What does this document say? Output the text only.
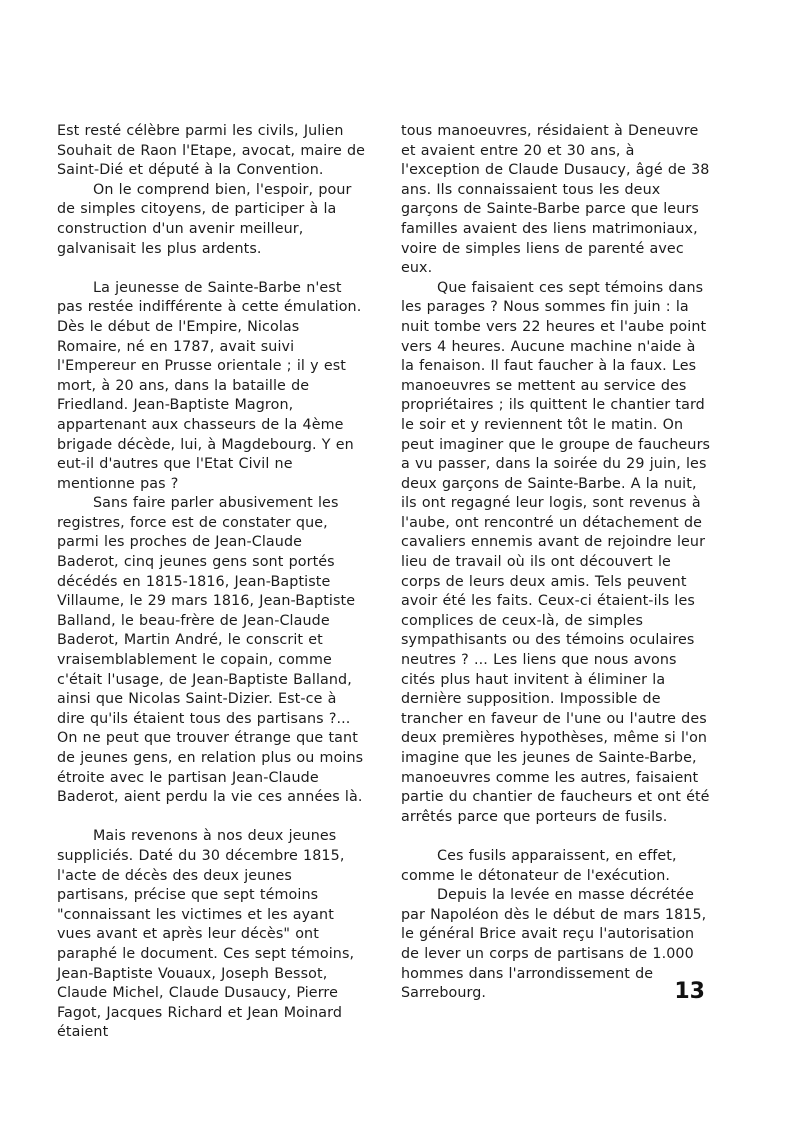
Est resté célèbre parmi les civils, Julien Souhait de Raon l'Etape, avocat, maire de Saint-Dié et député à la Convention.

On le comprend bien, l'espoir, pour de simples citoyens, de participer à la construction d'un avenir meilleur, galvanisait les plus ardents.

La jeunesse de Sainte-Barbe n'est pas restée indifférente à cette émulation. Dès le début de l'Empire, Nicolas Romaire, né en 1787, avait suivi l'Empereur en Prusse orientale ; il y est mort, à 20 ans, dans la bataille de Friedland. Jean-Baptiste Magron, appartenant aux chasseurs de la 4ème brigade décède, lui, à Magdebourg. Y en eut-il d'autres que l'Etat Civil ne mentionne pas ?

Sans faire parler abusivement les registres, force est de constater que, parmi les proches de Jean-Claude Baderot, cinq jeunes gens sont portés décédés en 1815-1816, Jean-Baptiste Villaume, le 29 mars 1816, Jean-Baptiste Balland, le beau-frère de Jean-Claude Baderot, Martin André, le conscrit et vraisemblablement le copain, comme c'était l'usage, de Jean-Baptiste Balland, ainsi que Nicolas Saint-Dizier. Est-ce à dire qu'ils étaient tous des partisans ?... On ne peut que trouver étrange que tant de jeunes gens, en relation plus ou moins étroite avec le partisan Jean-Claude Baderot, aient perdu la vie ces années là.

Mais revenons à nos deux jeunes suppliciés. Daté du 30 décembre 1815, l'acte de décès des deux jeunes partisans, précise que sept témoins "connaissant les victimes et les ayant vues avant et après leur décès" ont paraphé le document. Ces sept témoins, Jean-Baptiste Vouaux, Joseph Bessot, Claude Michel, Claude Dusaucy, Pierre Fagot, Jacques Richard et Jean Moinard étaient

tous manoeuvres, résidaient à Deneuvre et avaient entre 20 et 30 ans, à l'exception de Claude Dusaucy, âgé de 38 ans. Ils connaissaient tous les deux garçons de Sainte-Barbe parce que leurs familles avaient des liens matrimoniaux, voire de simples liens de parenté avec eux.

Que faisaient ces sept témoins dans les parages ? Nous sommes fin juin : la nuit tombe vers 22 heures et l'aube point vers 4 heures. Aucune machine n'aide à la fenaison. Il faut faucher à la faux. Les manoeuvres se mettent au service des propriétaires ; ils quittent le chantier tard le soir et y reviennent tôt le matin. On peut imaginer que le groupe de faucheurs a vu passer, dans la soirée du 29 juin, les deux garçons de Sainte-Barbe. A la nuit, ils ont regagné leur logis, sont revenus à l'aube, ont rencontré un détachement de cavaliers ennemis avant de rejoindre leur lieu de travail où ils ont découvert le corps de leurs deux amis. Tels peuvent avoir été les faits. Ceux-ci étaient-ils les complices de ceux-là, de simples sympathisants ou des témoins oculaires neutres ? ... Les liens que nous avons cités plus haut invitent à éliminer la dernière supposition. Impossible de trancher en faveur de l'une ou l'autre des deux premières hypothèses, même si l'on imagine que les jeunes de Sainte-Barbe, manoeuvres comme les autres, faisaient partie du chantier de faucheurs et ont été arrêtés parce que porteurs de fusils.

Ces fusils apparaissent, en effet, comme le détonateur de l'exécution.

Depuis la levée en masse décrétée par Napoléon dès le début de mars 1815, le général Brice avait reçu l'autorisation de lever un corps de partisans de 1.000 hommes dans l'arrondissement de Sarrebourg.	13
